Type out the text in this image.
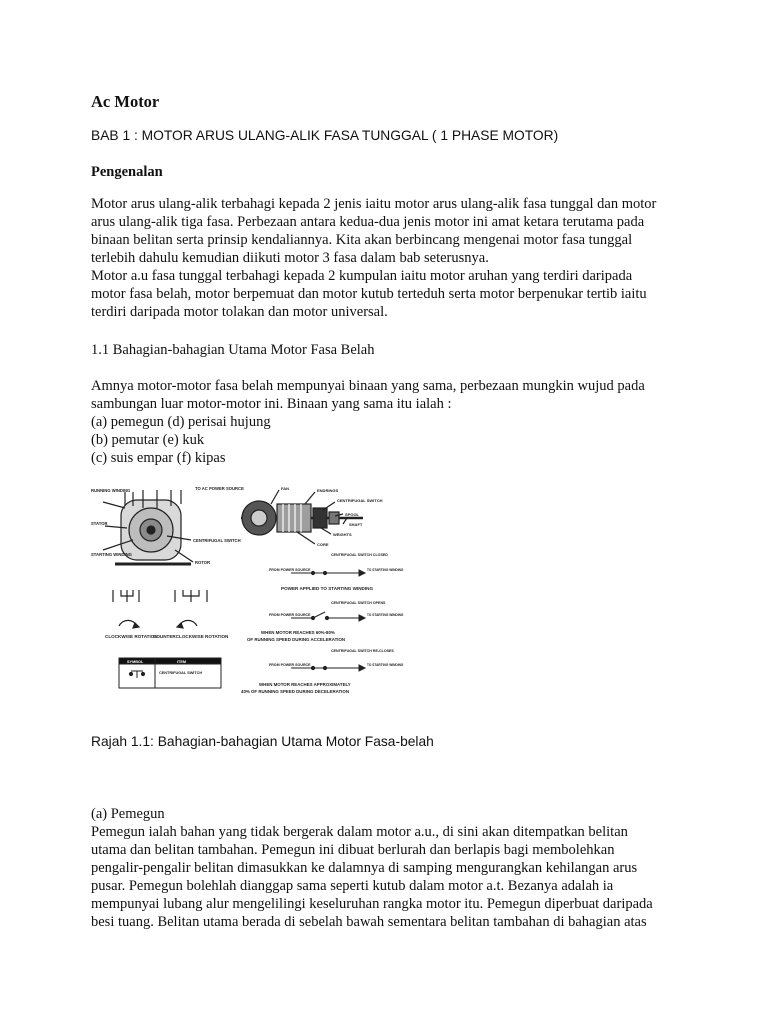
Ac Motor
BAB 1 : MOTOR ARUS ULANG-ALIK FASA TUNGGAL ( 1 PHASE MOTOR)
Pengenalan
Motor arus ulang-alik terbahagi kepada 2 jenis iaitu motor arus ulang-alik fasa tunggal dan motor
arus ulang-alik tiga fasa. Perbezaan antara kedua-dua jenis motor ini amat ketara terutama pada
binaan belitan serta prinsip kendaliannya. Kita akan berbincang mengenai motor fasa tunggal
terlebih dahulu kemudian diikuti motor 3 fasa dalam bab seterusnya.
Motor a.u fasa tunggal terbahagi kepada 2 kumpulan iaitu motor aruhan yang terdiri daripada
motor fasa belah, motor berpemuat dan motor kutub terteduh serta motor berpenukar tertib iaitu
terdiri daripada motor tolakan dan motor universal.
1.1 Bahagian-bahagian Utama Motor Fasa Belah
Amnya motor-motor fasa belah mempunyai binaan yang sama, perbezaan mungkin wujud pada
sambungan luar motor-motor ini. Binaan yang sama itu ialah :
(a) pemegun (d) perisai hujung
(b) pemutar (e) kuk
(c) suis empar (f) kipas
RUNNING WINDING	TO AC POWER SOURCE
STATOR
CENTRIFUGAL SWITCH
STARTING WINDING
ROTOR
CLOCKWISE ROTATION
COUNTERCLOCKWISE ROTATION
SYMBOL	ITEM
CENTRIFUGAL SWITCH
FAN	ENDRINGS
CENTRIFUGAL SWITCH
SPOOL
SHAFT
WEIGHTS
CORE
CENTRIFUGAL SWITCH CLOSED
FROM POWER SOURCE	TO STARTING WINDING
POWER APPLIED TO STARTING WINDING
CENTRIFUGAL SWITCH OPENS
FROM POWER SOURCE	TO STARTING WINDING
WHEN MOTOR REACHES 60%-80%
OF RUNNING SPEED DURING ACCELERATION
CENTRIFUGAL SWITCH RE-CLOSES
FROM POWER SOURCE	TO STARTING WINDING
WHEN MOTOR REACHES APPROXIMATELY
40% OF RUNNING SPEED DURING DECELERATION
Rajah 1.1: Bahagian-bahagian Utama Motor Fasa-belah
(a) Pemegun
Pemegun ialah bahan yang tidak bergerak dalam motor a.u., di sini akan ditempatkan belitan
utama dan belitan tambahan. Pemegun ini dibuat berlurah dan berlapis bagi membolehkan
pengalir-pengalir belitan dimasukkan ke dalamnya di samping mengurangkan kehilangan arus
pusar. Pemegun bolehlah dianggap sama seperti kutub dalam motor a.t. Bezanya adalah ia
mempunyai lubang alur mengelilingi keseluruhan rangka motor itu. Pemegun diperbuat daripada
besi tuang. Belitan utama berada di sebelah bawah sementara belitan tambahan di bahagian atas
